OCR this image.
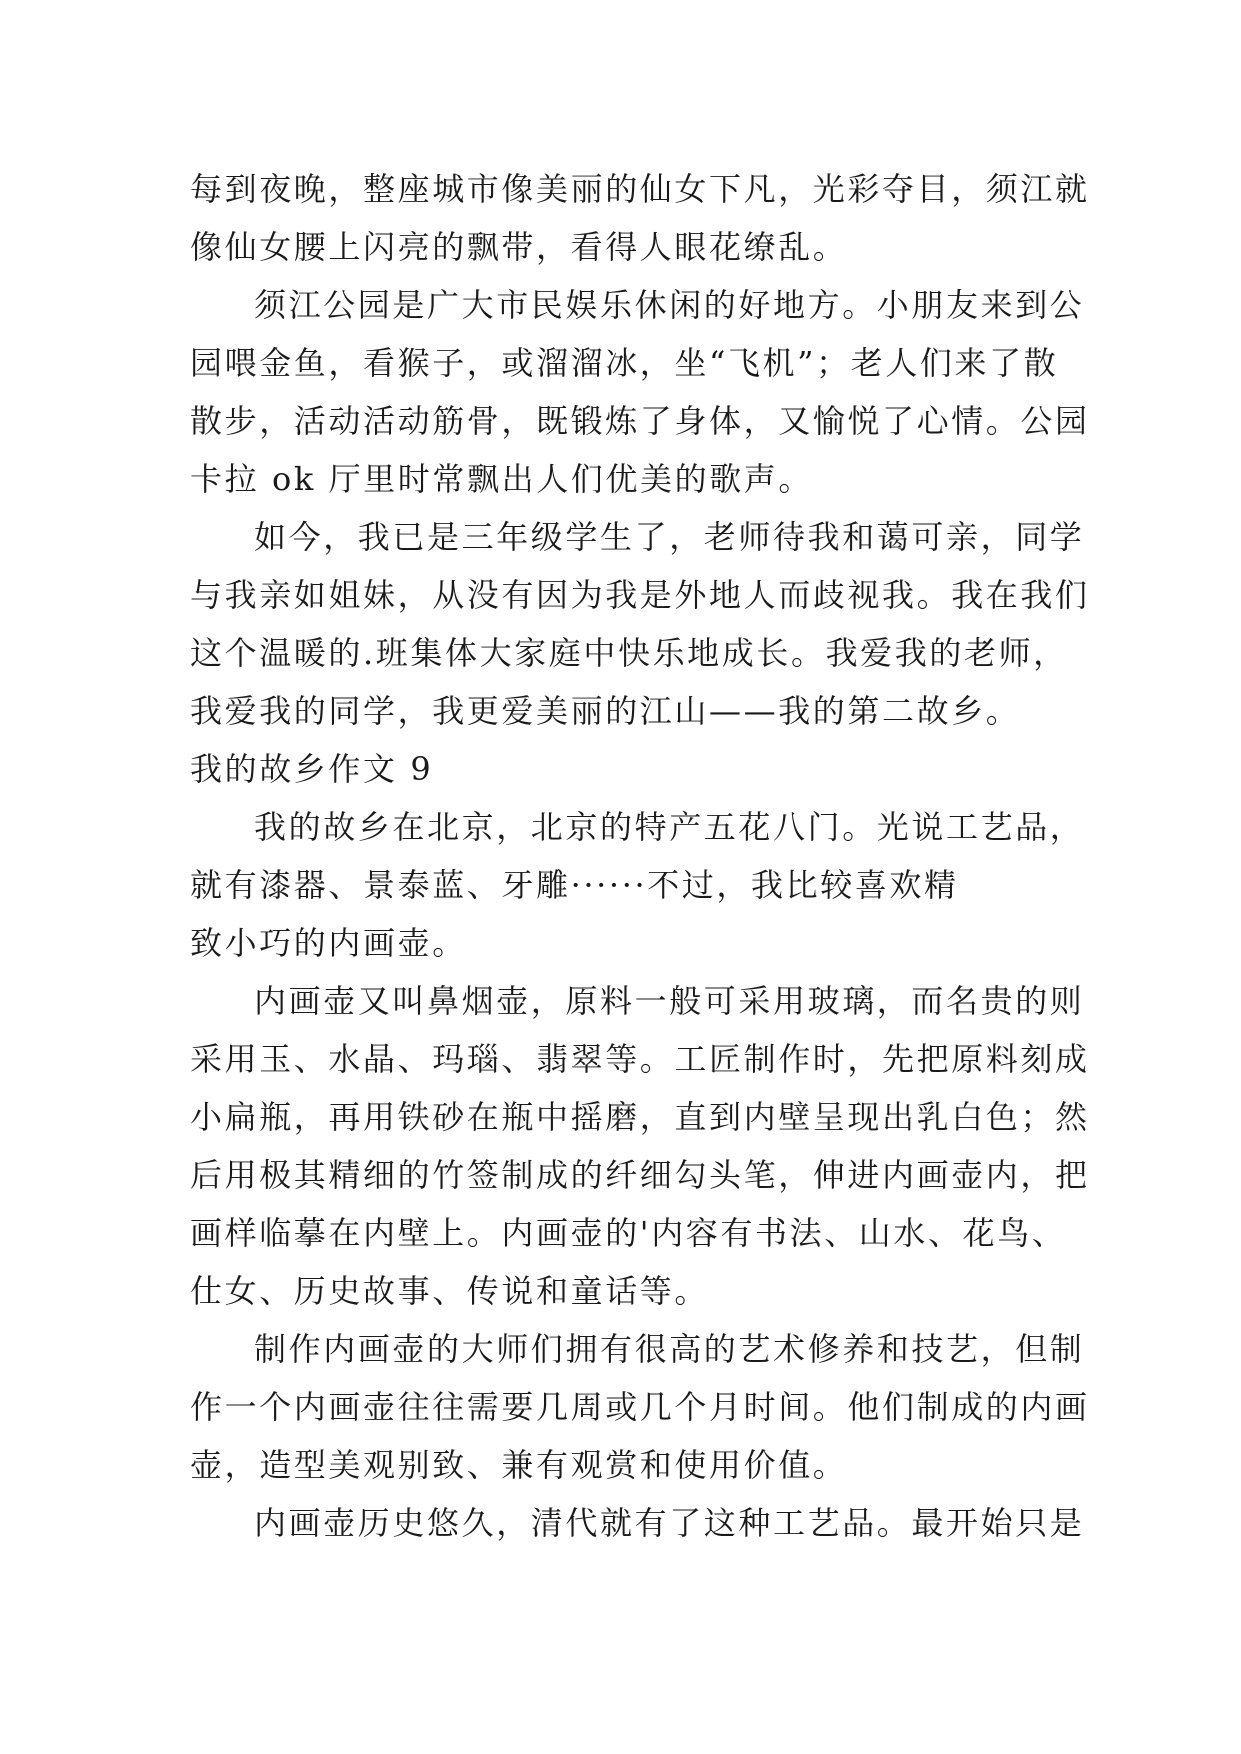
每到夜晚，整座城市像美丽的仙女下凡，光彩夺目，须江就
像仙女腰上闪亮的飘带，看得人眼花缭乱。
须江公园是广大市民娱乐休闲的好地方。小朋友来到公
园喂金鱼，看猴子，或溜溜冰，坐“飞机”；老人们来了散
散步，活动活动筋骨，既锻炼了身体，又愉悦了心情。公园
卡拉 ok 厅里时常飘出人们优美的歌声。
如今，我已是三年级学生了，老师待我和蔼可亲，同学
与我亲如姐妹，从没有因为我是外地人而歧视我。我在我们
这个温暖的.班集体大家庭中快乐地成长。我爱我的老师，
我爱我的同学，我更爱美丽的江山——我的第二故乡。
我的故乡作文 9
我的故乡在北京，北京的特产五花八门。光说工艺品，
就有漆器、景泰蓝、牙雕······不过，我比较喜欢精
致小巧的内画壶。
内画壶又叫鼻烟壶，原料一般可采用玻璃，而名贵的则
采用玉、水晶、玛瑙、翡翠等。工匠制作时，先把原料刻成
小扁瓶，再用铁砂在瓶中摇磨，直到内壁呈现出乳白色；然
后用极其精细的竹签制成的纤细勾头笔，伸进内画壶内，把
画样临摹在内壁上。内画壶的'内容有书法、山水、花鸟、
仕女、历史故事、传说和童话等。
制作内画壶的大师们拥有很高的艺术修养和技艺，但制
作一个内画壶往往需要几周或几个月时间。他们制成的内画
壶，造型美观别致、兼有观赏和使用价值。
内画壶历史悠久，清代就有了这种工艺品。最开始只是
